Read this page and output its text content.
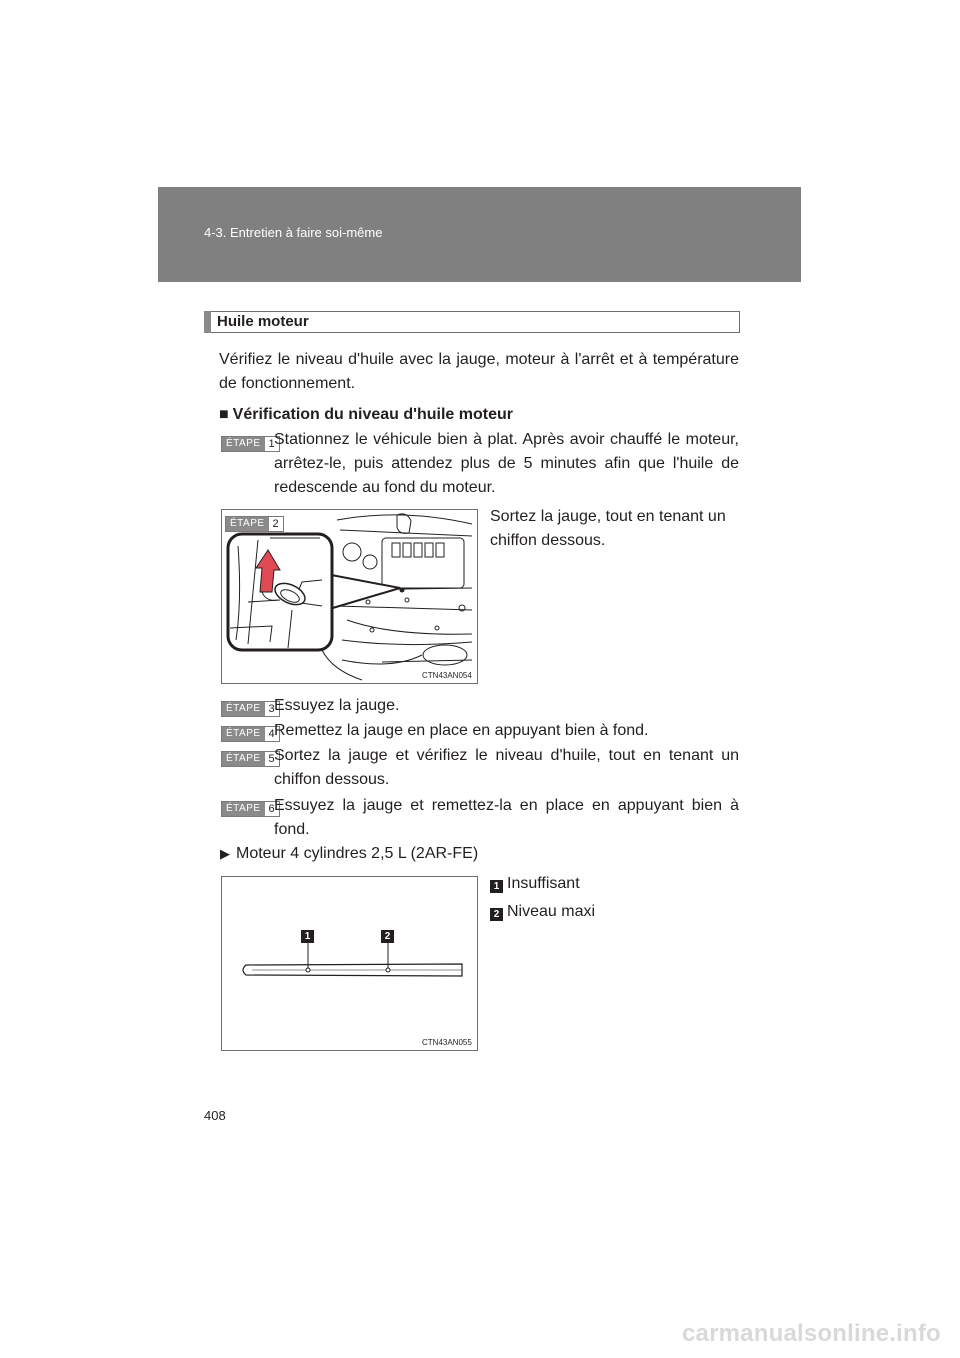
4-3. Entretien à faire soi-même
Huile moteur
Vérifiez le niveau d'huile avec la jauge, moteur à l'arrêt et à température de fonctionnement.
■ Vérification du niveau d'huile moteur
ÉTAPE 1 Stationnez le véhicule bien à plat. Après avoir chauffé le moteur, arrêtez-le, puis attendez plus de 5 minutes afin que l'huile de redescende au fond du moteur.
ÉTAPE 2
CTN43AN054
Sortez la jauge, tout en tenant un chiffon dessous.
ÉTAPE 3 Essuyez la jauge.
ÉTAPE 4 Remettez la jauge en place en appuyant bien à fond.
ÉTAPE 5 Sortez la jauge et vérifiez le niveau d'huile, tout en tenant un chiffon dessous.
ÉTAPE 6 Essuyez la jauge et remettez-la en place en appuyant bien à fond.
▶ Moteur 4 cylindres 2,5 L (2AR-FE)
1	2
CTN43AN055
1 Insuffisant
2 Niveau maxi
408
carmanualsonline.info
